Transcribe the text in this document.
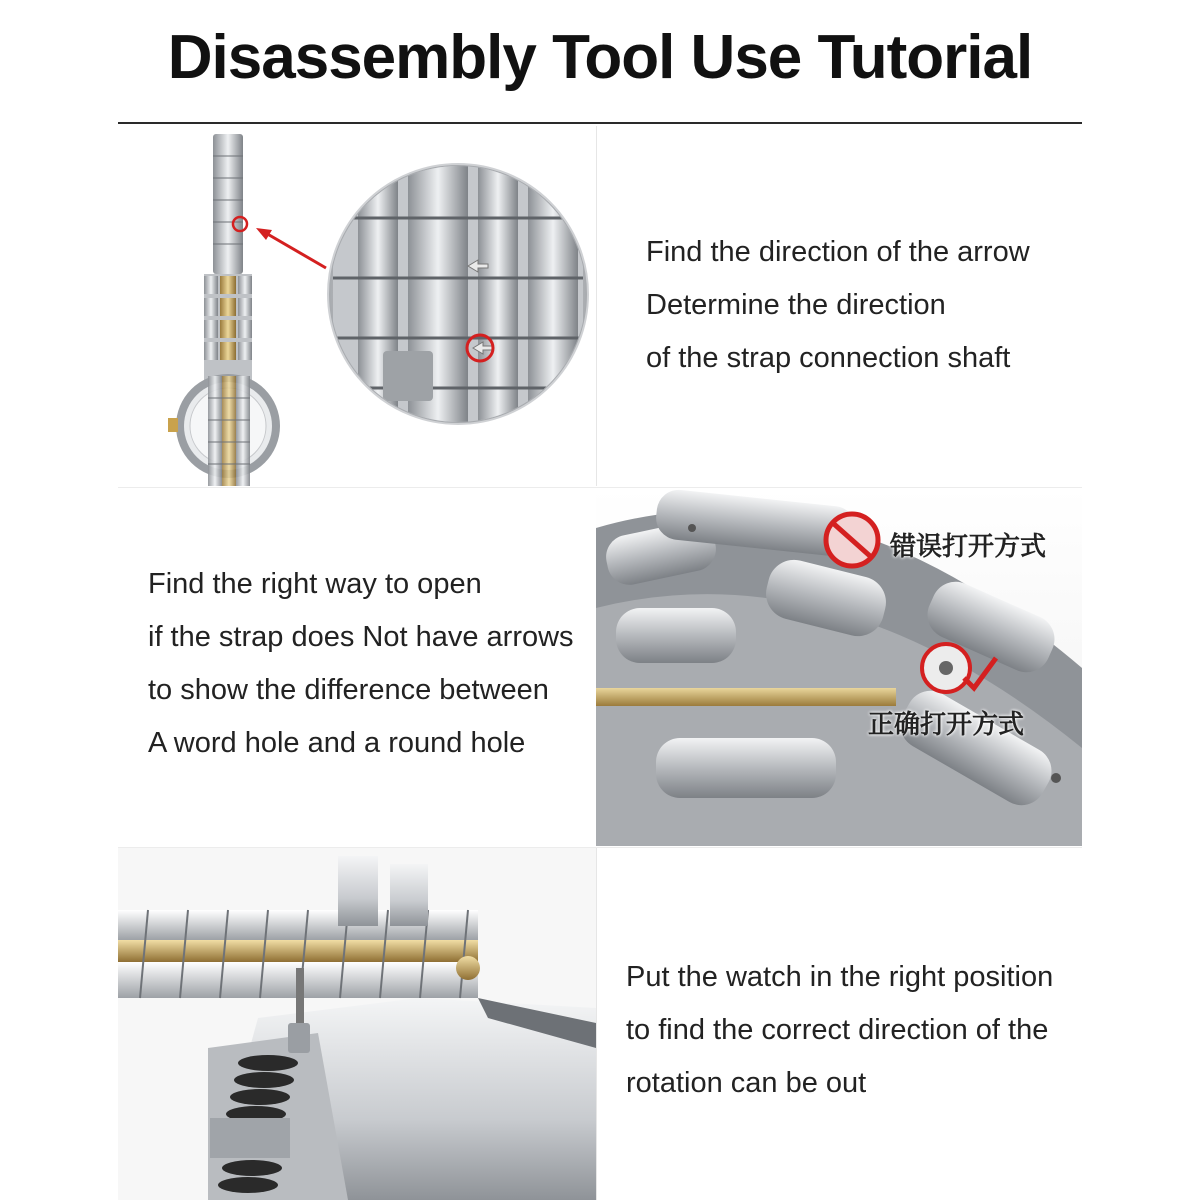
Disassembly Tool Use Tutorial
Find the direction of the arrow
Determine the direction
of the strap connection shaft
Find the right way to open
if the strap does Not have arrows
to show the difference between
A word hole and a round hole
错误打开方式
正确打开方式
Put the watch in the right position
to find the correct direction of the
rotation can be out
